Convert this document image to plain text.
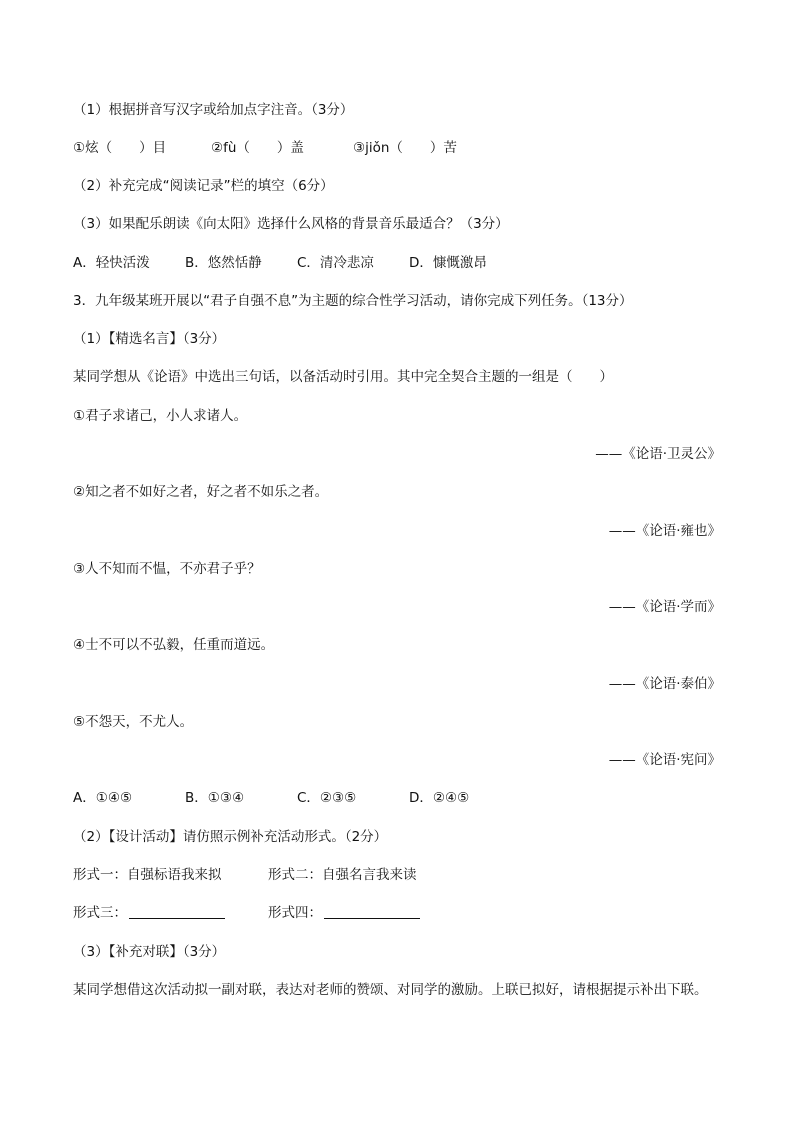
（1）根据拼音写汉字或给加点字注音。（3分）
①炫（　　）目	②fù（　　）盖	③jiǒn（　　）苦
（2）补充完成“阅读记录”栏的填空（6分）
（3）如果配乐朗读《向太阳》选择什么风格的背景音乐最适合？（3分）
A．轻快活泼	B．悠然恬静	C．清冷悲凉	D．慷慨激昂
3．九年级某班开展以“君子自强不息”为主题的综合性学习活动，请你完成下列任务。（13分）
（1）【精选名言】（3分）
某同学想从《论语》中选出三句话，以备活动时引用。其中完全契合主题的一组是（　　）
①君子求诸己，小人求诸人。
——《论语·卫灵公》
②知之者不如好之者，好之者不如乐之者。
——《论语·雍也》
③人不知而不愠，不亦君子乎？
——《论语·学而》
④士不可以不弘毅，任重而道远。
——《论语·泰伯》
⑤不怨天，不尤人。
——《论语·宪问》
A．①④⑤	B．①③④	C．②③⑤	D．②④⑤
（2）【设计活动】请仿照示例补充活动形式。（2分）
形式一：自强标语我来拟	形式二：自强名言我来读
形式三：	形式四：
（3）【补充对联】（3分）
某同学想借这次活动拟一副对联，表达对老师的赞颂、对同学的激励。上联已拟好，请根据提示补出下联。
